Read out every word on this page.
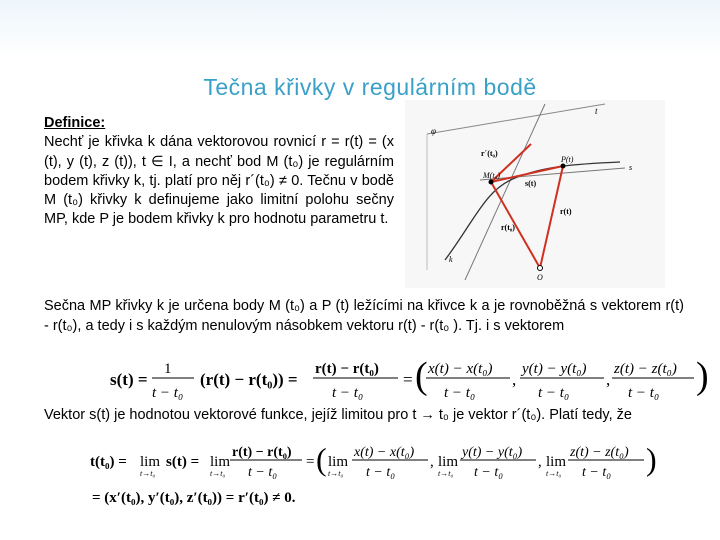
Tečna křivky v regulárním bodě
Definice:
Nechť je křivka k dána vektorovou rovnicí r = r(t) = (x (t), y (t), z (t)), t ∈ I, a nechť bod M (t₀) je regulárním bodem křivky k, tj. platí pro něj r´(t₀) ≠ 0. Tečnu v bodě M (t₀) křivky k definujeme jako limitní polohu sečny MP, kde P je bodem křivky k pro hodnotu parametru t.
t
φ
r´(t₀)
P(t)
s
M(t₀)
s(t)
r(t)
r(t₀)
k
O
Sečna MP křivky k je určena body M (t₀) a P (t) ležícími na křivce k a je rovnoběžná s vektorem r(t) - r(t₀), a tedy i s každým nenulovým násobkem vektoru r(t) - r(t₀ ). Tj. i s vektorem
s(t) =
1
t − t₀
(r(t) − r(t₀)) =
r(t) − r(t₀)
t − t₀
= ( x(t) − x(t₀)
t − t₀
,
y(t) − y(t₀)
t − t₀
,
z(t) − z(t₀)
t − t₀ )
Vektor s(t) je hodnotou vektorové funkce, jejíž limitou pro t → t₀ je vektor r´(t₀). Platí tedy, že
t(t₀) = lim
t→t₀
s(t) = lim
t→t₀
r(t) − r(t₀)
t − t₀
= ( lim
t→t₀
x(t) − x(t₀)
t − t₀
, lim
t→t₀
y(t) − y(t₀)
t − t₀
, lim
t→t₀
z(t) − z(t₀)
t − t₀ )
= (x′(t₀), y′(t₀), z′(t₀)) = r′(t₀) ≠ 0.
